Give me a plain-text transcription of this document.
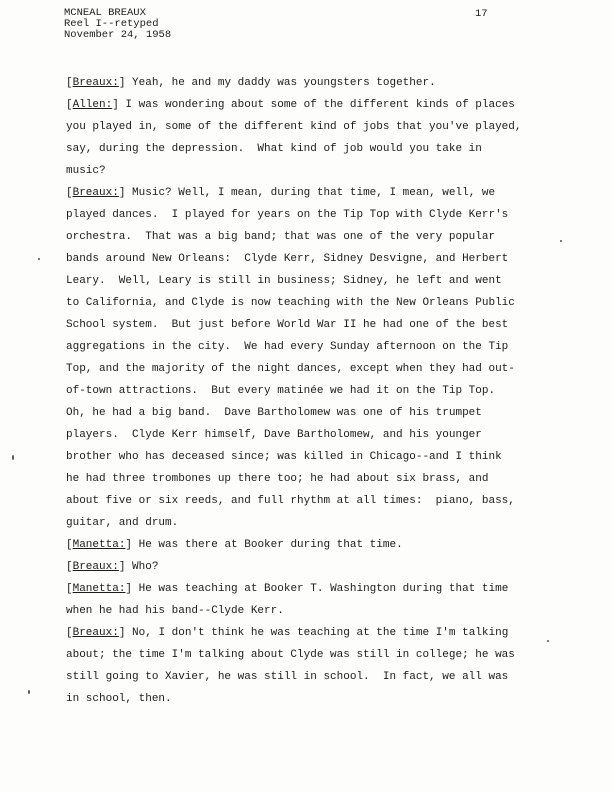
MCNEAL BREAUX
Reel I--retyped
November 24, 1958
17
[Breaux:] Yeah, he and my daddy was youngsters together.
[Allen:] I was wondering about some of the different kinds of places
you played in, some of the different kind of jobs that you've played,
say, during the depression.  What kind of job would you take in
music?
[Breaux:] Music? Well, I mean, during that time, I mean, well, we
played dances.  I played for years on the Tip Top with Clyde Kerr's
orchestra.  That was a big band; that was one of the very popular
bands around New Orleans:  Clyde Kerr, Sidney Desvigne, and Herbert
Leary.  Well, Leary is still in business; Sidney, he left and went
to California, and Clyde is now teaching with the New Orleans Public
School system.  But just before World War II he had one of the best
aggregations in the city.  We had every Sunday afternoon on the Tip
Top, and the majority of the night dances, except when they had out-
of-town attractions.  But every matinée we had it on the Tip Top.
Oh, he had a big band.  Dave Bartholomew was one of his trumpet
players.  Clyde Kerr himself, Dave Bartholomew, and his younger
brother who has deceased since; was killed in Chicago--and I think
he had three trombones up there too; he had about six brass, and
about five or six reeds, and full rhythm at all times:  piano, bass,
guitar, and drum.
[Manetta:] He was there at Booker during that time.
[Breaux:] Who?
[Manetta:] He was teaching at Booker T. Washington during that time
when he had his band--Clyde Kerr.
[Breaux:] No, I don't think he was teaching at the time I'm talking
about; the time I'm talking about Clyde was still in college; he was
still going to Xavier, he was still in school.  In fact, we all was
in school, then.
